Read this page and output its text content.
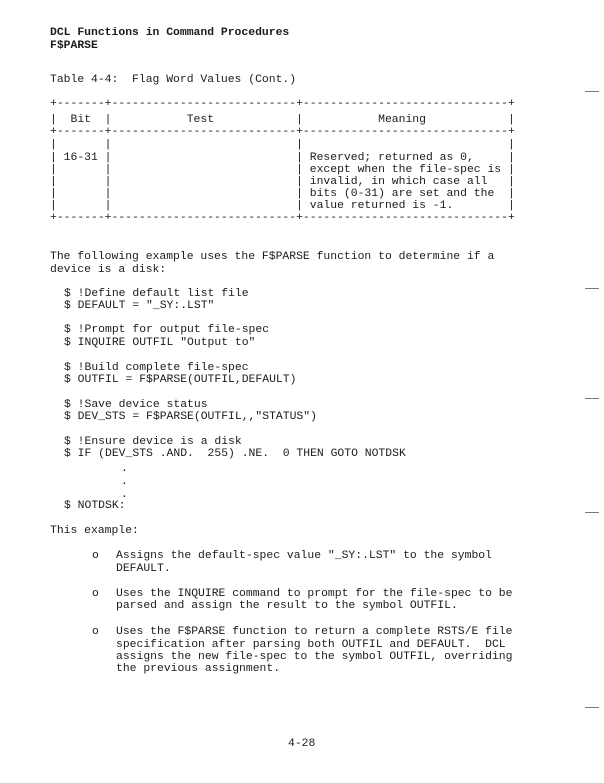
DCL Functions in Command Procedures
F$PARSE
Table 4-4:  Flag Word Values (Cont.)
+-------+---------------------------+------------------------------+
|  Bit  |           Test            |           Meaning            |
+-------+---------------------------+------------------------------+
|       |                           |                              |
| 16-31 |                           | Reserved; returned as 0,     |
|       |                           | except when the file-spec is |
|       |                           | invalid, in which case all   |
|       |                           | bits (0-31) are set and the  |
|       |                           | value returned is -1.        |
+-------+---------------------------+------------------------------+
The following example uses the F$PARSE function to determine if a
device is a disk:
$ !Define default list file
$ DEFAULT = "_SY:.LST"
$ !Prompt for output file-spec
$ INQUIRE OUTFIL "Output to"
$ !Build complete file-spec
$ OUTFIL = F$PARSE(OUTFIL,DEFAULT)
$ !Save device status
$ DEV_STS = F$PARSE(OUTFIL,,"STATUS")
$ !Ensure device is a disk
$ IF (DEV_STS .AND.  255) .NE.  0 THEN GOTO NOTDSK
.
.
.
$ NOTDSK:
This example:
o Assigns the default-spec value "_SY:.LST" to the symbol
DEFAULT.
o Uses the INQUIRE command to prompt for the file-spec to be
parsed and assign the result to the symbol OUTFIL.
o Uses the F$PARSE function to return a complete RSTS/E file
specification after parsing both OUTFIL and DEFAULT.  DCL
assigns the new file-spec to the symbol OUTFIL, overriding
the previous assignment.
4-28
